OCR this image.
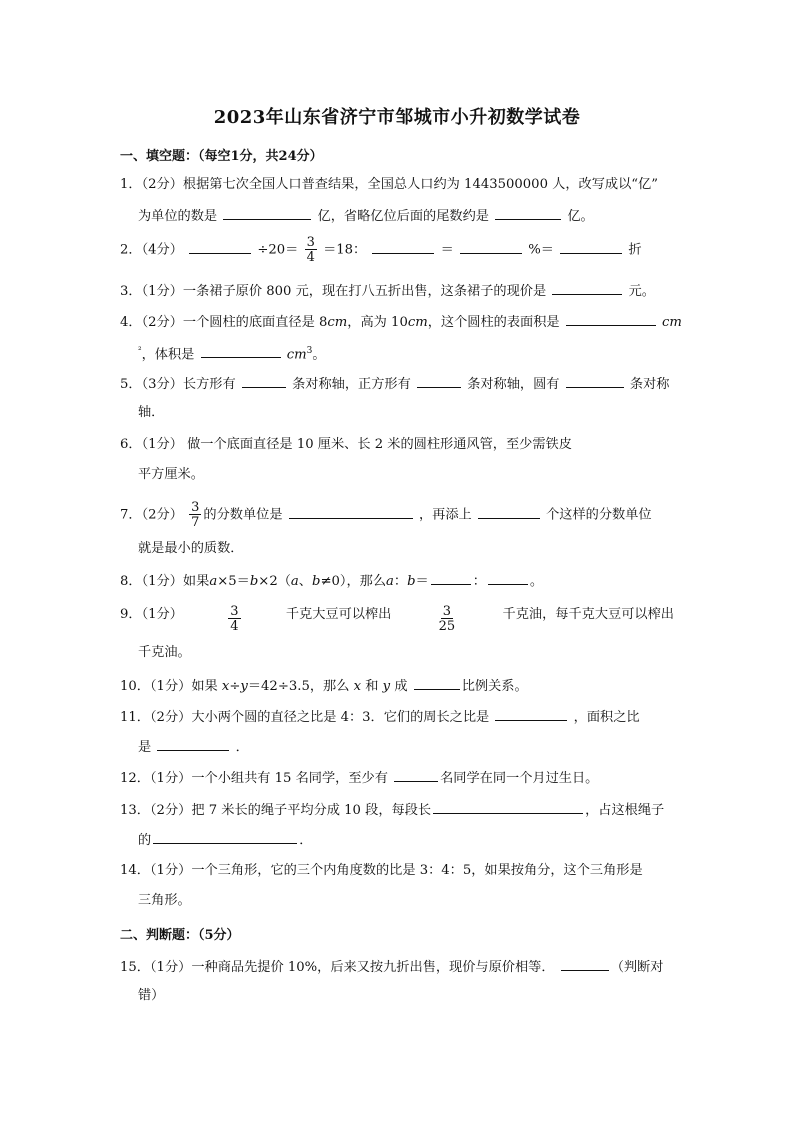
2023年山东省济宁市邹城市小升初数学试卷
一、填空题：（每空1分，共24分）
1．（2分）根据第七次全国人口普查结果，全国总人口约为 1443500000 人，改写成以“亿”
为单位的数是	亿，省略亿位后面的尾数约是	亿。
2．（4分）	$\div 20= \frac{3}{4} =18$：	＝	%＝	折
3．（1分）一条裙子原价 800 元，现在打八五折出售，这条裙子的现价是	元。
4．（2分）一个圆柱的底面直径是 8cm，高为 10cm，这个圆柱的表面积是	cm
$^{^2}$，体积是	$cm^3$。
5．（3分）长方形有	条对称轴，正方形有	条对称轴，圆有	条对称
轴．
6．（1分） 做一个底面直径是 10 厘米、长 2 米的圆柱形通风管，至少需铁皮
平方厘米。
7．（2分） $\frac{3}{7}$ 的分数单位是	，再添上	个这样的分数单位
就是最小的质数．
8．（1分）如果a×5＝b×2（a、b≠0），那么a：b＝	：	。
9．（1分）	$\frac{3}{4}$	千克大豆可以榨出	$\frac{3}{25}$	千克油，每千克大豆可以榨出
千克油。
10．（1分）如果 x÷y＝42÷3.5，那么 x 和 y 成	比例关系。
11．（2分）大小两个圆的直径之比是 4：3．它们的周长之比是	，面积之比
是	．
12．（1分）一个小组共有 15 名同学，至少有	名同学在同一个月过生日。
13．（2分）把 7 米长的绳子平均分成 10 段，每段长	，占这根绳子
的	．
14．（1分）一个三角形，它的三个内角度数的比是 3：4：5，如果按角分，这个三角形是
三角形。
二、判断题：（5分）
15．（1分）一种商品先提价 10%，后来又按九折出售，现价与原价相等．	（判断对
错）
